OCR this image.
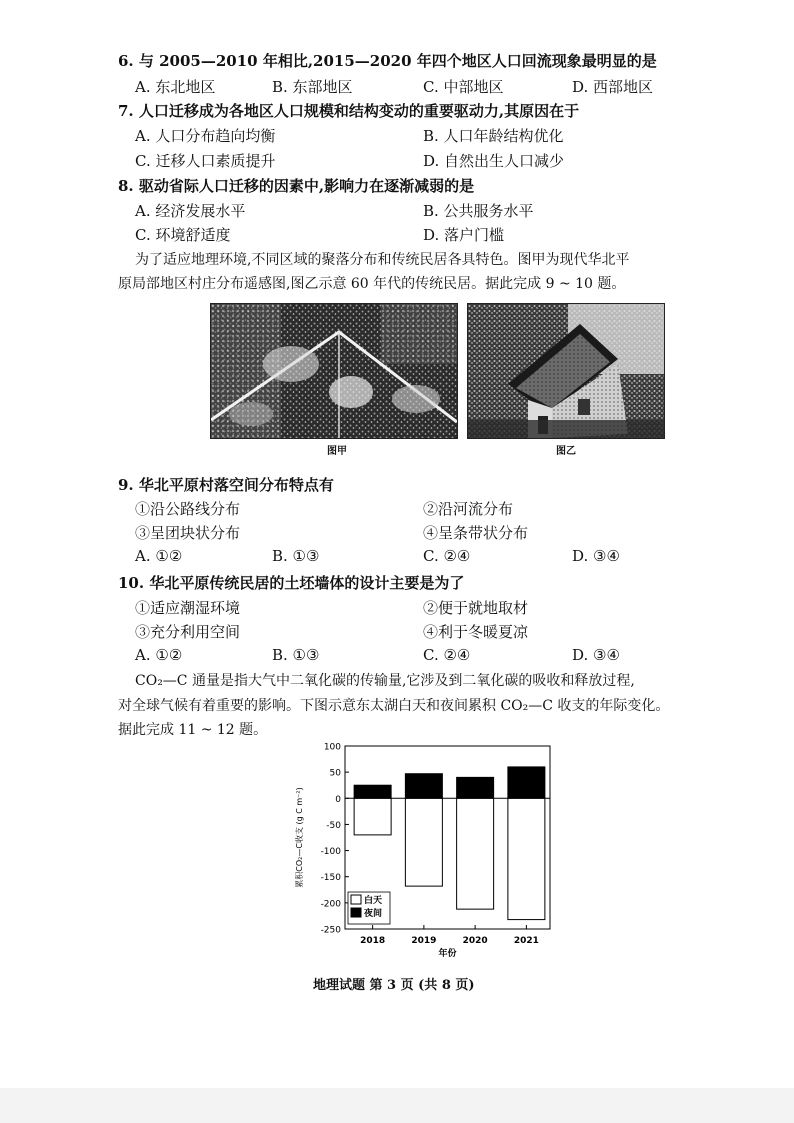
6. 与 2005—2010 年相比,2015—2020 年四个地区人口回流现象最明显的是
A. 东北地区	B. 东部地区	C. 中部地区	D. 西部地区
7. 人口迁移成为各地区人口规模和结构变动的重要驱动力,其原因在于
A. 人口分布趋向均衡	B. 人口年龄结构优化
C. 迁移人口素质提升	D. 自然出生人口减少
8. 驱动省际人口迁移的因素中,影响力在逐渐减弱的是
A. 经济发展水平	B. 公共服务水平
C. 环境舒适度	D. 落户门槛
为了适应地理环境,不同区域的聚落分布和传统民居各具特色。图甲为现代华北平
原局部地区村庄分布遥感图,图乙示意 60 年代的传统民居。据此完成 9 ~ 10 题。
图甲	图乙
9. 华北平原村落空间分布特点有
①沿公路线分布	②沿河流分布
③呈团块状分布	④呈条带状分布
A. ①②	B. ①③	C. ②④	D. ③④
10. 华北平原传统民居的土坯墙体的设计主要是为了
①适应潮湿环境	②便于就地取材
③充分利用空间	④利于冬暖夏凉
A. ①②	B. ①③	C. ②④	D. ③④
CO₂—C 通量是指大气中二氧化碳的传输量,它涉及到二氧化碳的吸收和释放过程,
对全球气候有着重要的影响。下图示意东太湖白天和夜间累积 CO₂—C 收支的年际变化。
据此完成 11 ~ 12 题。
100
50
0
-50
-100
-150
-200
-250
2018	2019	2020	2021
年份
累积CO₂—C收支 (g C m⁻²)
白天
夜间
地理试题 第 3 页 (共 8 页)
